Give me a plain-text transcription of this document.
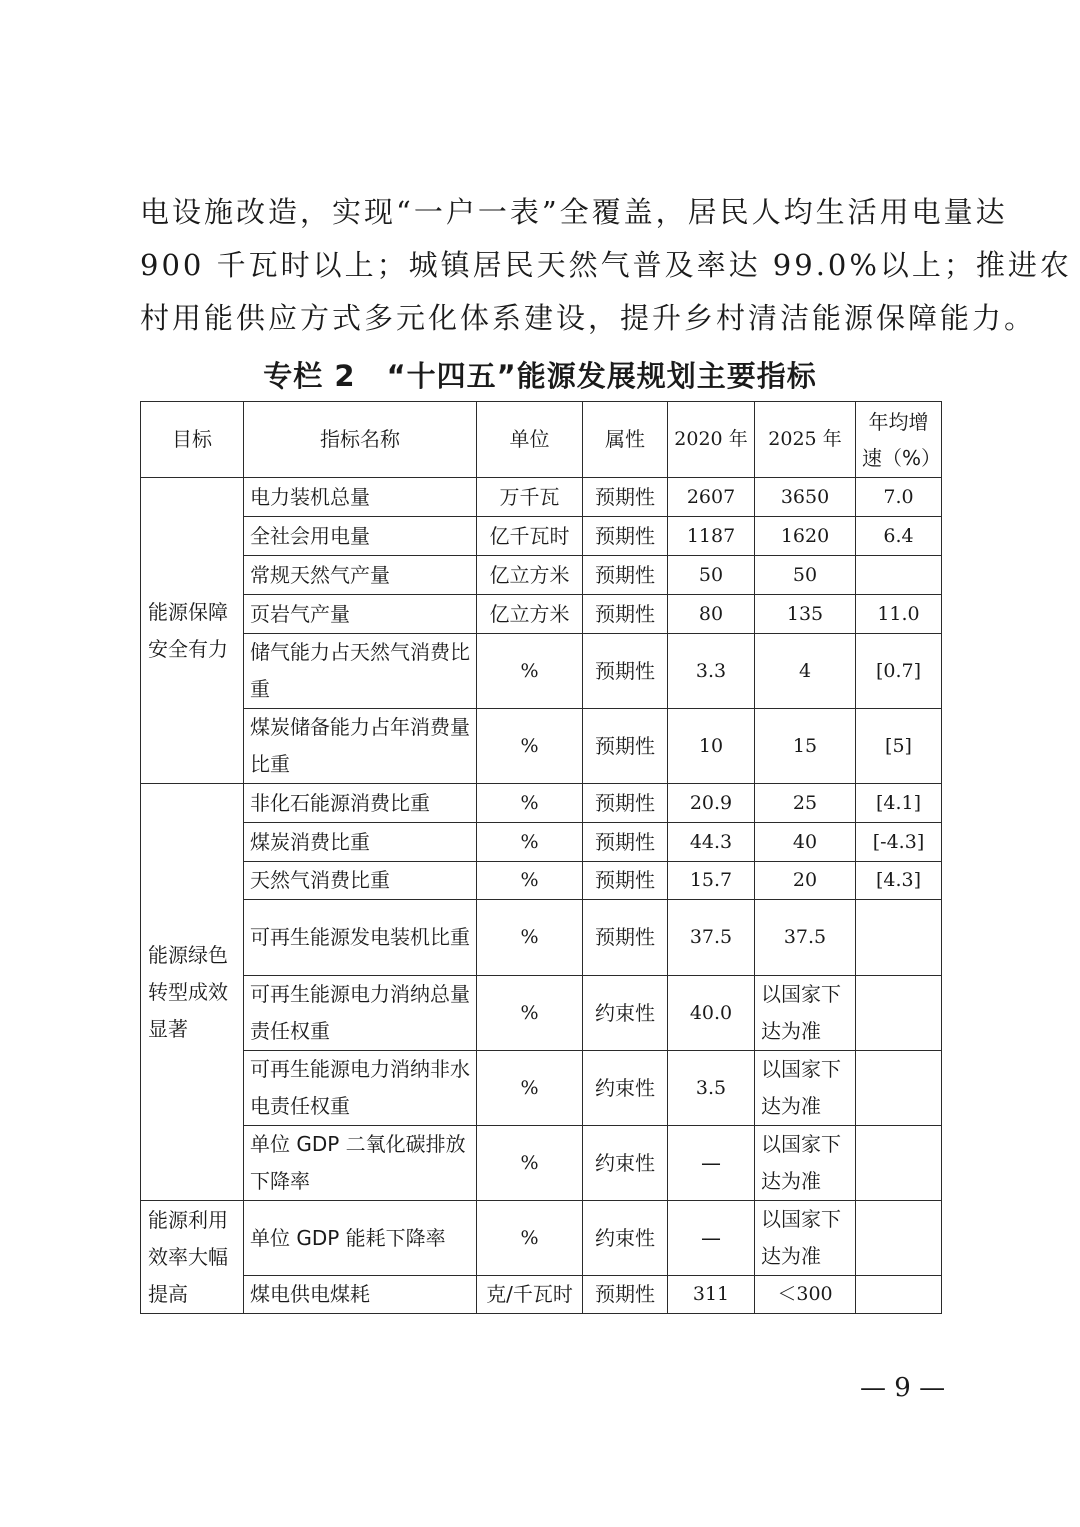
电设施改造，实现“一户一表”全覆盖，居民人均生活用电量达
900 千瓦时以上；城镇居民天然气普及率达 99.0%以上；推进农
村用能供应方式多元化体系建设，提升乡村清洁能源保障能力。
专栏 2 “十四五”能源发展规划主要指标
目标	指标名称	单位	属性	2020 年	2025 年	年均增速（%）
能源保障安全有力	电力装机总量	万千瓦	预期性	2607	3650	7.0
	全社会用电量	亿千瓦时	预期性	1187	1620	6.4
	常规天然气产量	亿立方米	预期性	50	50	
	页岩气产量	亿立方米	预期性	80	135	11.0
	储气能力占天然气消费比重	%	预期性	3.3	4	[0.7]
	煤炭储备能力占年消费量比重	%	预期性	10	15	[5]
能源绿色转型成效显著	非化石能源消费比重	%	预期性	20.9	25	[4.1]
	煤炭消费比重	%	预期性	44.3	40	[-4.3]
	天然气消费比重	%	预期性	15.7	20	[4.3]
	可再生能源发电装机比重	%	预期性	37.5	37.5	
	可再生能源电力消纳总量责任权重	%	约束性	40.0	以国家下达为准	
	可再生能源电力消纳非水电责任权重	%	约束性	3.5	以国家下达为准	
	单位 GDP 二氧化碳排放下降率	%	约束性	—	以国家下达为准	
能源利用效率大幅提高	单位 GDP 能耗下降率	%	约束性	—	以国家下达为准	
	煤电供电煤耗	克/千瓦时	预期性	311	＜300	
— 9 —
